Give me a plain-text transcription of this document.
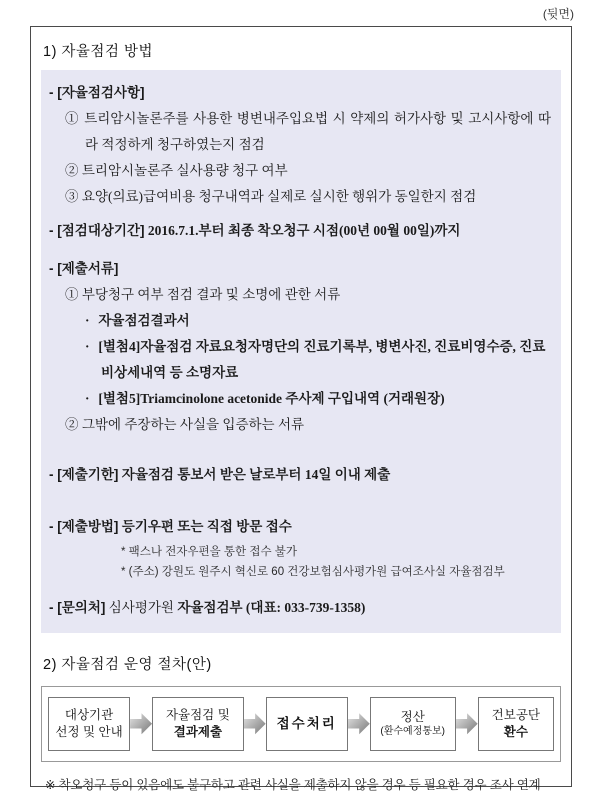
(뒷면)
1) 자율점검 방법
- [자율점검사항]
① 트리암시놀론주를 사용한 병변내주입요법 시 약제의 허가사항 및 고시사항에 따라 적정하게 청구하였는지 점검
② 트리암시놀론주 실사용량 청구 여부
③ 요양(의료)급여비용 청구내역과 실제로 실시한 행위가 동일한지 점검
- [점검대상기간] 2016.7.1.부터 최종 착오청구 시점(00년 00월 00일)까지
- [제출서류]
① 부당청구 여부 점검 결과 및 소명에 관한 서류
· 자율점검결과서
· [별첨4]자율점검 자료요청자명단의 진료기록부, 병변사진, 진료비영수증, 진료비상세내역 등 소명자료
· [별첨5]Triamcinolone acetonide 주사제 구입내역 (거래원장)
② 그밖에 주장하는 사실을 입증하는 서류
- [제출기한] 자율점검 통보서 받은 날로부터 14일 이내 제출
- [제출방법] 등기우편 또는 직접 방문 접수
* 팩스나 전자우편을 통한 접수 불가
* (주소) 강원도 원주시 혁신로 60 건강보험심사평가원 급여조사실 자율점검부
- [문의처] 심사평가원 자율점검부 (대표: 033-739-1358)
2) 자율점검 운영 절차(안)
대상기관
선정 및 안내
자율점검 및
결과제출
접수처리	정산
(환수예정통보)
건보공단
환수
※ 착오청구 등이 있음에도 불구하고 관련 사실을 제출하지 않을 경우 등 필요한 경우 조사 연계
